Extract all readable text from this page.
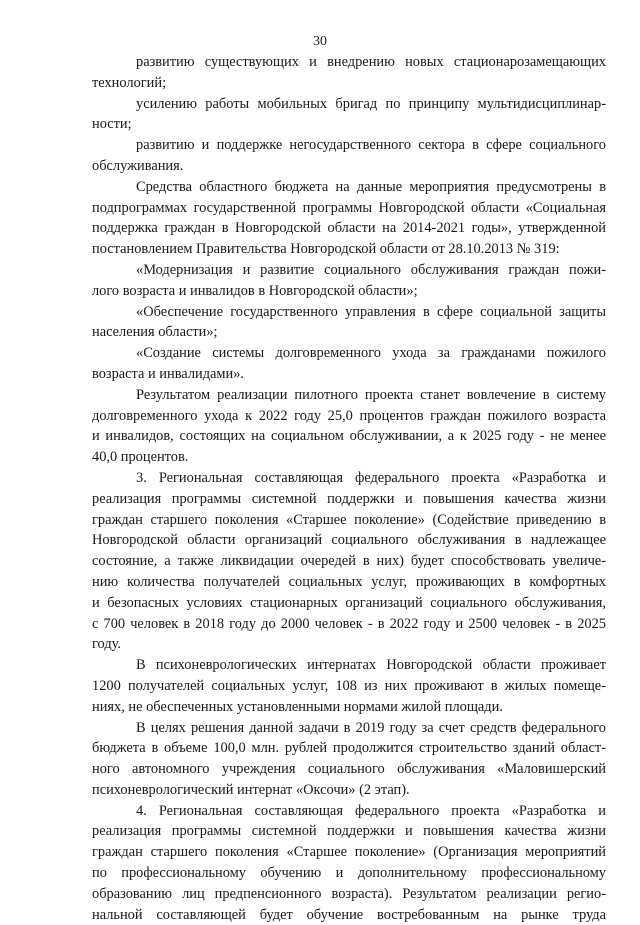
30
развитию существующих и внедрению новых стационарозамещающих
технологий;
усилению работы мобильных бригад по принципу мультидисциплинар-
ности;
развитию и поддержке негосударственного сектора в сфере социального
обслуживания.
Средства областного бюджета на данные мероприятия предусмотрены в
подпрограммах государственной программы Новгородской области «Социальная
поддержка граждан в Новгородской области на 2014-2021 годы», утвержденной
постановлением Правительства Новгородской области от 28.10.2013 № 319:
«Модернизация и развитие социального обслуживания граждан пожи-
лого возраста и инвалидов в Новгородской области»;
«Обеспечение государственного управления в сфере социальной защиты
населения области»;
«Создание системы долговременного ухода за гражданами пожилого
возраста и инвалидами».
Результатом реализации пилотного проекта станет вовлечение в систему
долговременного ухода к 2022 году 25,0 процентов граждан пожилого возраста
и инвалидов, состоящих на социальном обслуживании, а к 2025 году - не менее
40,0 процентов.
3. Региональная составляющая федерального проекта «Разработка и
реализация программы системной поддержки и повышения качества жизни
граждан старшего поколения «Старшее поколение» (Содействие приведению в
Новгородской области организаций социального обслуживания в надлежащее
состояние, а также ликвидации очередей в них) будет способствовать увеличе-
нию количества получателей социальных услуг, проживающих в комфортных
и безопасных условиях стационарных организаций социального обслуживания,
с 700 человек в 2018 году до 2000 человек - в 2022 году и 2500 человек - в 2025
году.
В психоневрологических интернатах Новгородской области проживает
1200 получателей социальных услуг, 108 из них проживают в жилых помеще-
ниях, не обеспеченных установленными нормами жилой площади.
В целях решения данной задачи в 2019 году за счет средств федерального
бюджета в объеме 100,0 млн. рублей продолжится строительство зданий област-
ного автономного учреждения социального обслуживания «Маловишерский
психоневрологический интернат «Оксочи» (2 этап).
4. Региональная составляющая федерального проекта «Разработка и
реализация программы системной поддержки и повышения качества жизни
граждан старшего поколения «Старшее поколение» (Организация мероприятий
по профессиональному обучению и дополнительному профессиональному
образованию лиц предпенсионного возраста). Результатом реализации регио-
нальной составляющей будет обучение востребованным на рынке труда
